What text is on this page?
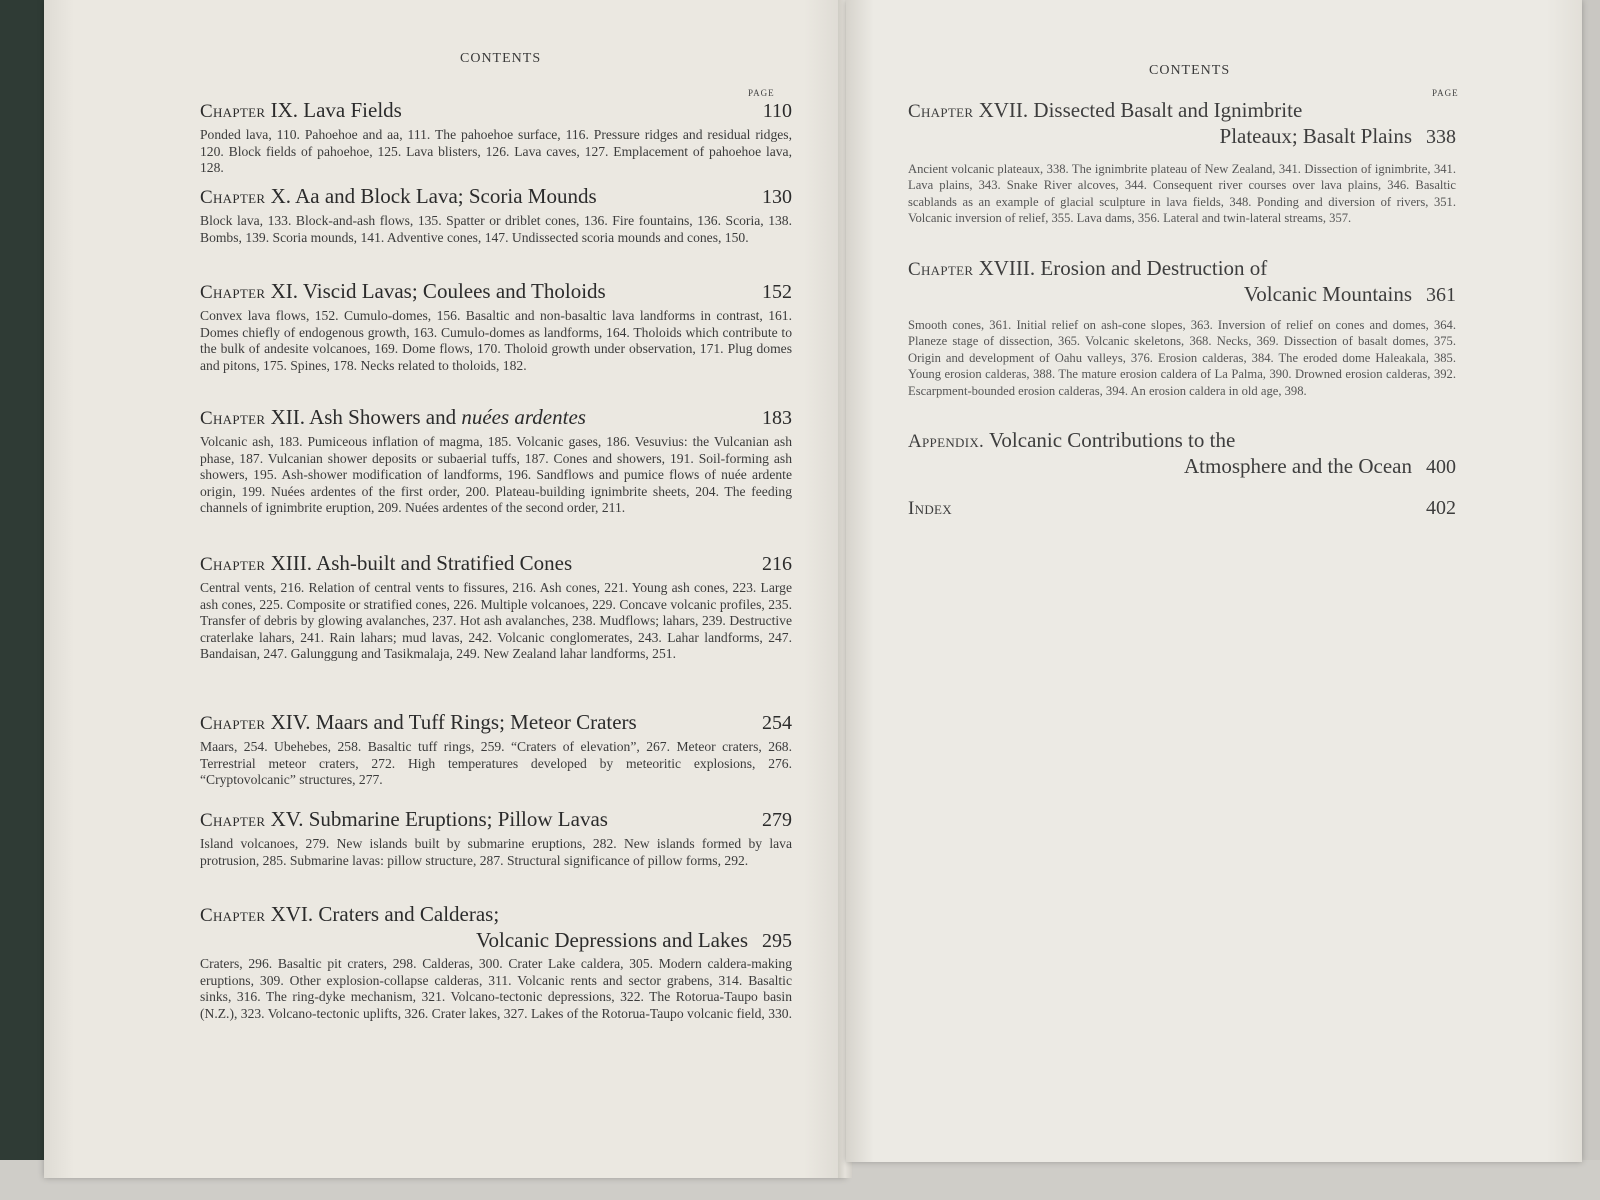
CONTENTS
PAGE
Chapter IX. Lava Fields	110
Ponded lava, 110. Pahoehoe and aa, 111. The pahoehoe surface, 116. Pressure ridges and residual ridges, 120. Block fields of pahoehoe, 125. Lava blisters, 126. Lava caves, 127. Emplacement of pahoehoe lava, 128.
Chapter X. Aa and Block Lava; Scoria Mounds	130
Block lava, 133. Block-and-ash flows, 135. Spatter or driblet cones, 136. Fire fountains, 136. Scoria, 138. Bombs, 139. Scoria mounds, 141. Adventive cones, 147. Undissected scoria mounds and cones, 150.
Chapter XI. Viscid Lavas; Coulees and Tholoids	152
Convex lava flows, 152. Cumulo-domes, 156. Basaltic and non-basaltic lava landforms in contrast, 161. Domes chiefly of endogenous growth, 163. Cumulo-domes as landforms, 164. Tholoids which contribute to the bulk of andesite volcanoes, 169. Dome flows, 170. Tholoid growth under observation, 171. Plug domes and pitons, 175. Spines, 178. Necks related to tholoids, 182.
Chapter XII. Ash Showers and nuées ardentes	183
Volcanic ash, 183. Pumiceous inflation of magma, 185. Volcanic gases, 186. Vesuvius: the Vulcanian ash phase, 187. Vulcanian shower deposits or subaerial tuffs, 187. Cones and showers, 191. Soil-forming ash showers, 195. Ash-shower modification of landforms, 196. Sandflows and pumice flows of nuée ardente origin, 199. Nuées ardentes of the first order, 200. Plateau-building ignimbrite sheets, 204. The feeding channels of ignimbrite eruption, 209. Nuées ardentes of the second order, 211.
Chapter XIII. Ash-built and Stratified Cones	216
Central vents, 216. Relation of central vents to fissures, 216. Ash cones, 221. Young ash cones, 223. Large ash cones, 225. Composite or stratified cones, 226. Multiple volcanoes, 229. Concave volcanic profiles, 235. Transfer of debris by glowing avalanches, 237. Hot ash avalanches, 238. Mudflows; lahars, 239. Destructive craterlake lahars, 241. Rain lahars; mud lavas, 242. Volcanic conglomerates, 243. Lahar landforms, 247. Bandaisan, 247. Galunggung and Tasikmalaja, 249. New Zealand lahar landforms, 251.
Chapter XIV. Maars and Tuff Rings; Meteor Craters	254
Maars, 254. Ubehebes, 258. Basaltic tuff rings, 259. “Craters of elevation”, 267. Meteor craters, 268. Terrestrial meteor craters, 272. High temperatures developed by meteoritic explosions, 276. “Cryptovolcanic” structures, 277.
Chapter XV. Submarine Eruptions; Pillow Lavas	279
Island volcanoes, 279. New islands built by submarine eruptions, 282. New islands formed by lava protrusion, 285. Submarine lavas: pillow structure, 287. Structural significance of pillow forms, 292.
Chapter XVI. Craters and Calderas;
Volcanic Depressions and Lakes 295
Craters, 296. Basaltic pit craters, 298. Calderas, 300. Crater Lake caldera, 305. Modern caldera-making eruptions, 309. Other explosion-collapse calderas, 311. Volcanic rents and sector grabens, 314. Basaltic sinks, 316. The ring-dyke mechanism, 321. Volcano-tectonic depressions, 322. The Rotorua-Taupo basin (N.Z.), 323. Volcano-tectonic uplifts, 326. Crater lakes, 327. Lakes of the Rotorua-Taupo volcanic field, 330.
CONTENTS
PAGE
Chapter XVII. Dissected Basalt and Ignimbrite
Plateaux; Basalt Plains 338
Ancient volcanic plateaux, 338. The ignimbrite plateau of New Zealand, 341. Dissection of ignimbrite, 341. Lava plains, 343. Snake River alcoves, 344. Consequent river courses over lava plains, 346. Basaltic scablands as an example of glacial sculpture in lava fields, 348. Ponding and diversion of rivers, 351. Volcanic inversion of relief, 355. Lava dams, 356. Lateral and twin-lateral streams, 357.
Chapter XVIII. Erosion and Destruction of
Volcanic Mountains 361
Smooth cones, 361. Initial relief on ash-cone slopes, 363. Inversion of relief on cones and domes, 364. Planeze stage of dissection, 365. Volcanic skeletons, 368. Necks, 369. Dissection of basalt domes, 375. Origin and development of Oahu valleys, 376. Erosion calderas, 384. The eroded dome Haleakala, 385. Young erosion calderas, 388. The mature erosion caldera of La Palma, 390. Drowned erosion calderas, 392. Escarpment-bounded erosion calderas, 394. An erosion caldera in old age, 398.
Appendix. Volcanic Contributions to the
Atmosphere and the Ocean 400
Index	402
